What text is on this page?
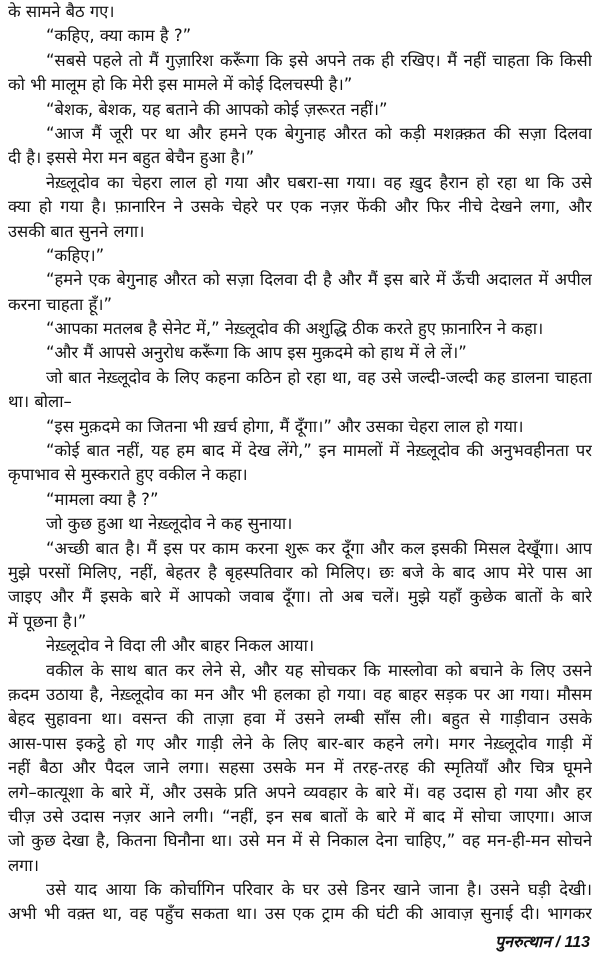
के सामने बैठ गए।
“कहिए, क्या काम है ?”
“सबसे पहले तो मैं गुज़ारिश करूँगा कि इसे अपने तक ही रखिए। मैं नहीं चाहता कि किसी
को भी मालूम हो कि मेरी इस मामले में कोई दिलचस्पी है।”
“बेशक, बेशक, यह बताने की आपको कोई ज़रूरत नहीं।”
“आज मैं जूरी पर था और हमने एक बेगुनाह औरत को कड़ी मशक़्क़त की सज़ा दिलवा
दी है। इससे मेरा मन बहुत बेचैन हुआ है।”
नेख़्लूदोव का चेहरा लाल हो गया और घबरा-सा गया। वह ख़ुद हैरान हो रहा था कि उसे
क्या हो गया है। फ़ानारिन ने उसके चेहरे पर एक नज़र फेंकी और फिर नीचे देखने लगा, और
उसकी बात सुनने लगा।
“कहिए।”
“हमने एक बेगुनाह औरत को सज़ा दिलवा दी है और मैं इस बारे में ऊँची अदालत में अपील
करना चाहता हूँ।”
“आपका मतलब है सेनेट में,” नेख़्लूदोव की अशुद्धि ठीक करते हुए फ़ानारिन ने कहा।
“और मैं आपसे अनुरोध करूँगा कि आप इस मुक़दमे को हाथ में ले लें।”
जो बात नेख़्लूदोव के लिए कहना कठिन हो रहा था, वह उसे जल्दी-जल्दी कह डालना चाहता
था। बोला–
“इस मुक़दमे का जितना भी ख़र्च होगा, मैं दूँगा।” और उसका चेहरा लाल हो गया।
“कोई बात नहीं, यह हम बाद में देख लेंगे,” इन मामलों में नेख़्लूदोव की अनुभवहीनता पर
कृपाभाव से मुस्कराते हुए वकील ने कहा।
“मामला क्या है ?”
जो कुछ हुआ था नेख़्लूदोव ने कह सुनाया।
“अच्छी बात है। मैं इस पर काम करना शुरू कर दूँगा और कल इसकी मिसल देखूँगा। आप
मुझे परसों मिलिए, नहीं, बेहतर है बृहस्पतिवार को मिलिए। छः बजे के बाद आप मेरे पास आ
जाइए और मैं इसके बारे में आपको जवाब दूँगा। तो अब चलें। मुझे यहाँ कुछेक बातों के बारे
में पूछना है।”
नेख़्लूदोव ने विदा ली और बाहर निकल आया।
वकील के साथ बात कर लेने से, और यह सोचकर कि मास्लोवा को बचाने के लिए उसने
क़दम उठाया है, नेख़्लूदोव का मन और भी हलका हो गया। वह बाहर सड़क पर आ गया। मौसम
बेहद सुहावना था। वसन्त की ताज़ा हवा में उसने लम्बी साँस ली। बहुत से गाड़ीवान उसके
आस-पास इकट्ठे हो गए और गाड़ी लेने के लिए बार-बार कहने लगे। मगर नेख़्लूदोव गाड़ी में
नहीं बैठा और पैदल जाने लगा। सहसा उसके मन में तरह-तरह की स्मृतियाँ और चित्र घूमने
लगे–कात्यूशा के बारे में, और उसके प्रति अपने व्यवहार के बारे में। वह उदास हो गया और हर
चीज़ उसे उदास नज़र आने लगी। “नहीं, इन सब बातों के बारे में बाद में सोचा जाएगा। आज
जो कुछ देखा है, कितना घिनौना था। उसे मन में से निकाल देना चाहिए,” वह मन-ही-मन सोचने
लगा।
उसे याद आया कि कोर्चागिन परिवार के घर उसे डिनर खाने जाना है। उसने घड़ी देखी।
अभी भी वक़्त था, वह पहुँच सकता था। उस एक ट्राम की घंटी की आवाज़ सुनाई दी। भागकर
पुनरुत्थान / 113
